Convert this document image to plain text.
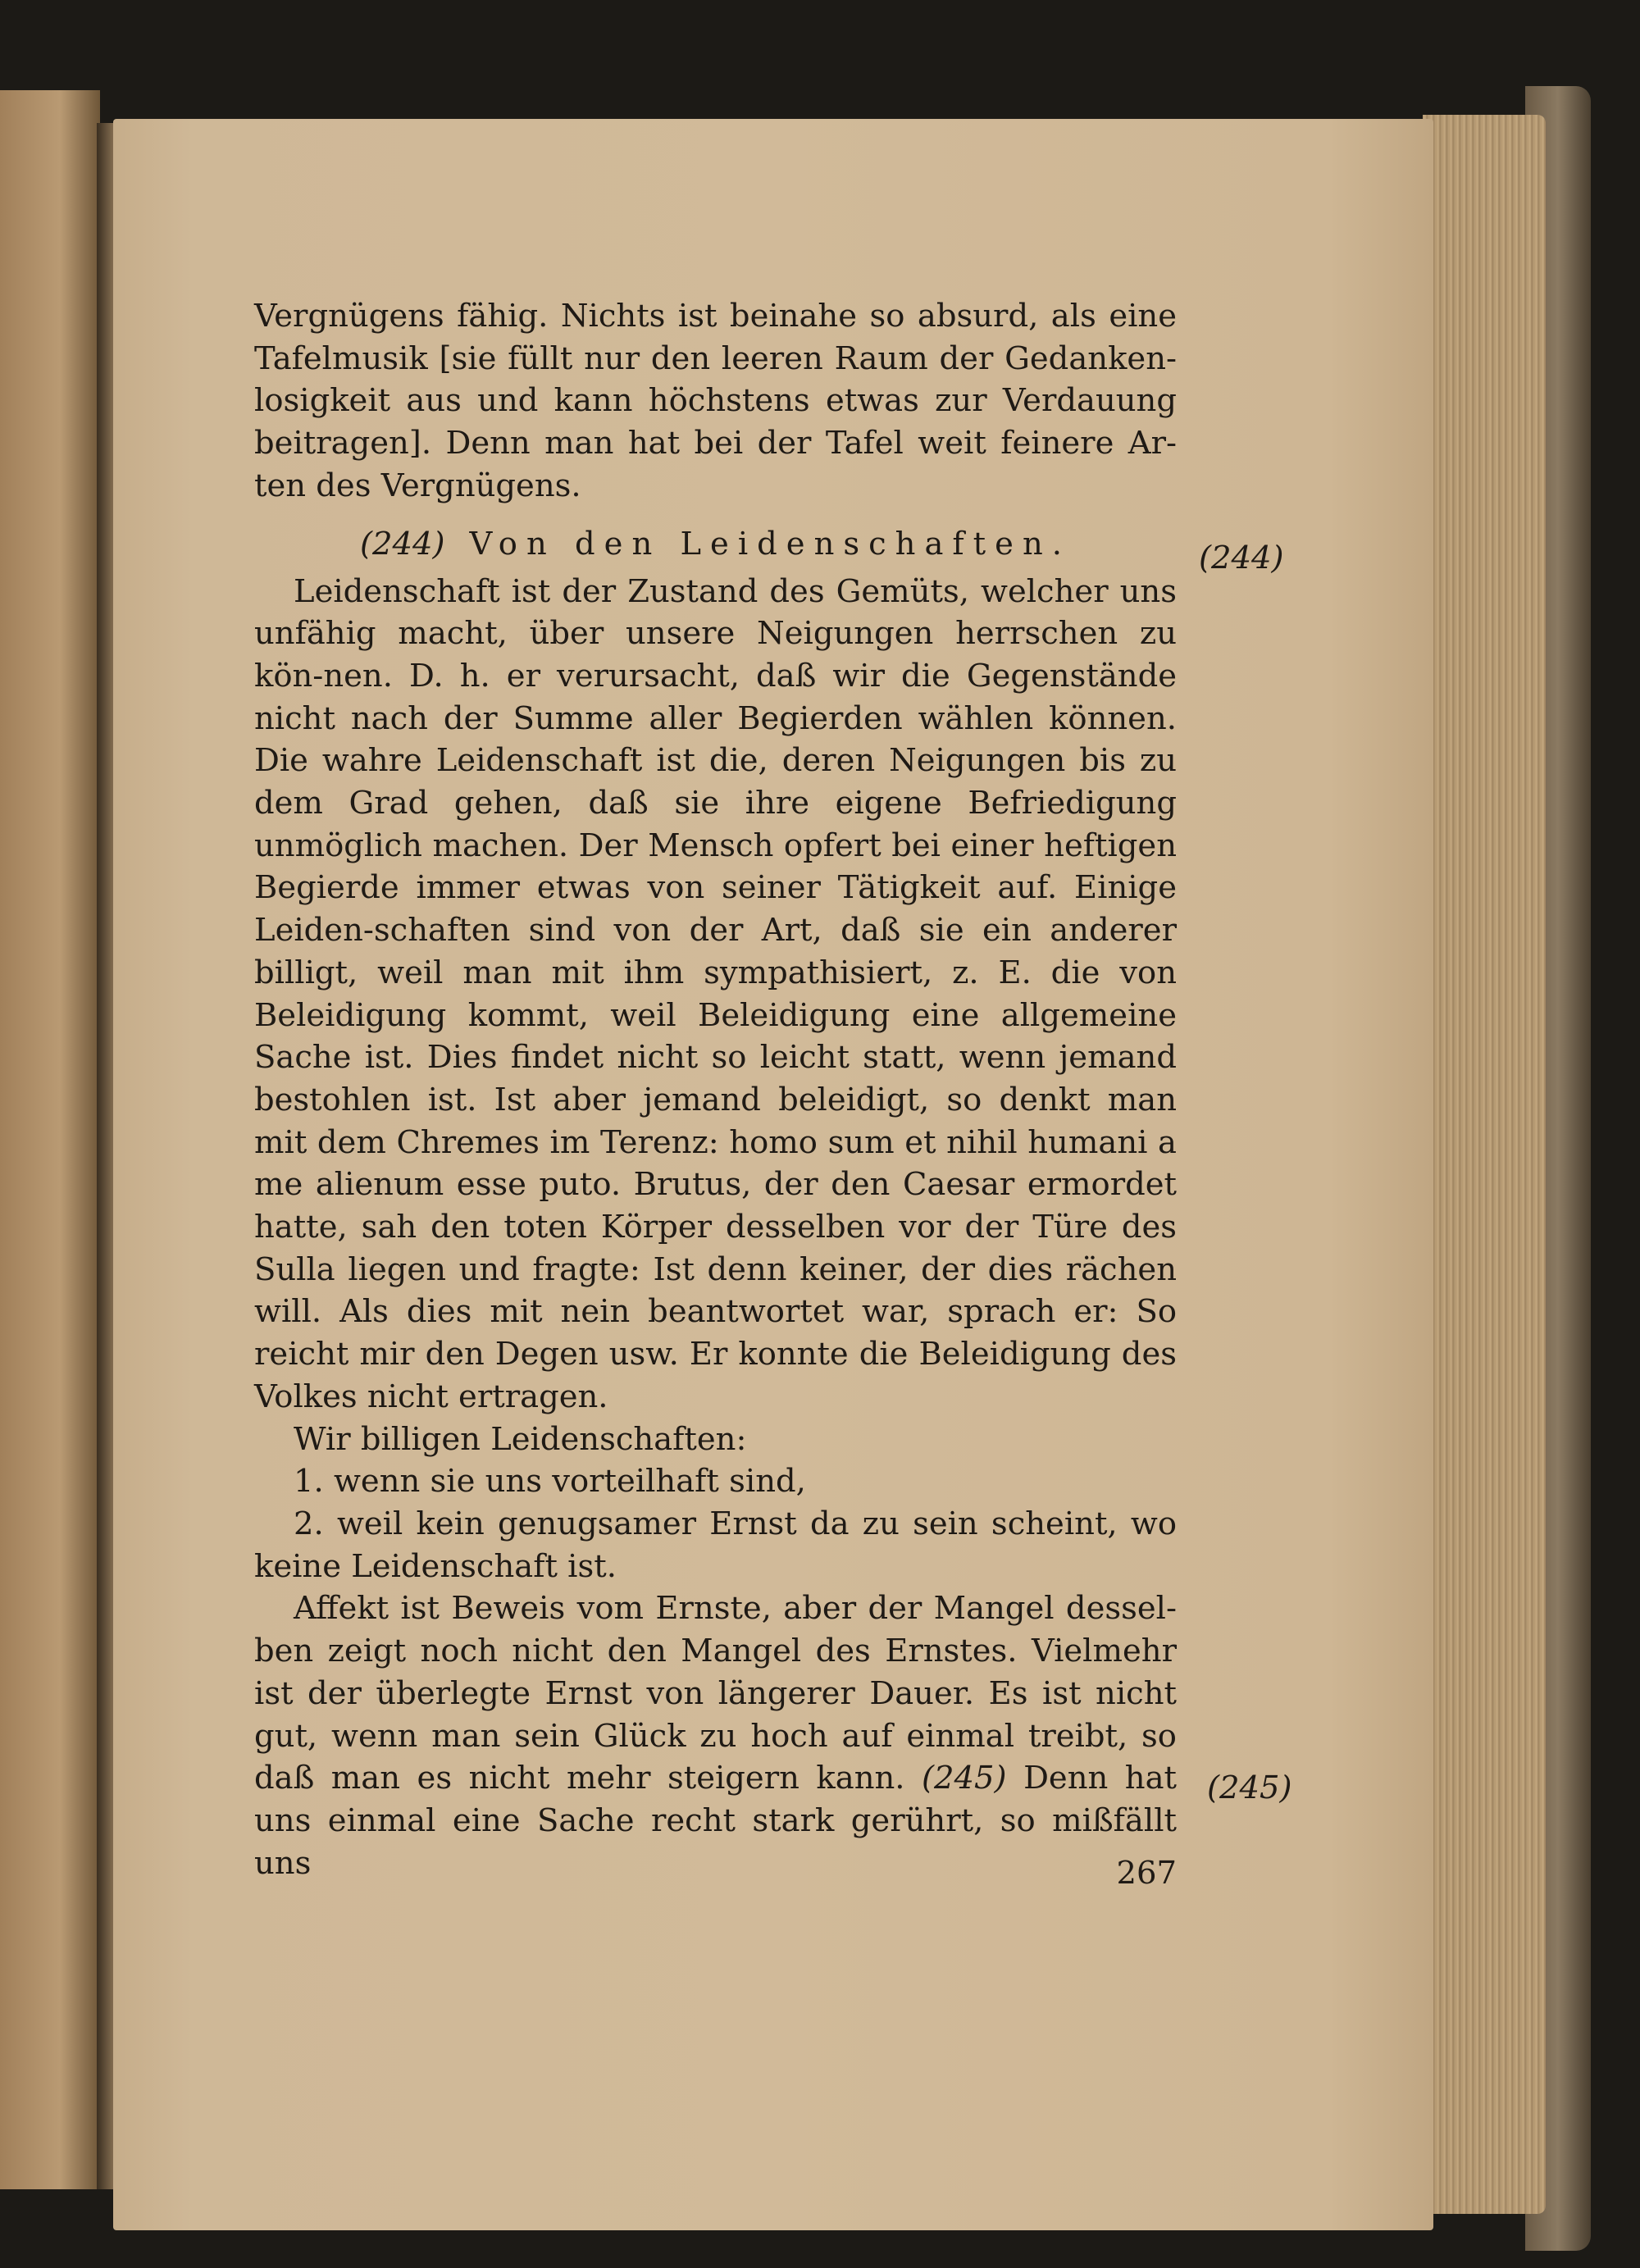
Vergnügens fähig. Nichts ist beinahe so absurd, als eine Tafelmusik [sie füllt nur den leeren Raum der Gedanken-losigkeit aus und kann höchstens etwas zur Verdauung beitragen]. Denn man hat bei der Tafel weit feinere Ar-ten des Vergnügens.

(244) Von den Leidenschaften.

Leidenschaft ist der Zustand des Gemüts, welcher uns unfähig macht, über unsere Neigungen herrschen zu kön-nen. D. h. er verursacht, daß wir die Gegenstände nicht nach der Summe aller Begierden wählen können. Die wahre Leidenschaft ist die, deren Neigungen bis zu dem Grad gehen, daß sie ihre eigene Befriedigung unmöglich machen. Der Mensch opfert bei einer heftigen Begierde immer etwas von seiner Tätigkeit auf. Einige Leiden-schaften sind von der Art, daß sie ein anderer billigt, weil man mit ihm sympathisiert, z. E. die von Beleidigung kommt, weil Beleidigung eine allgemeine Sache ist. Dies findet nicht so leicht statt, wenn jemand bestohlen ist. Ist aber jemand beleidigt, so denkt man mit dem Chremes im Terenz: homo sum et nihil humani a me alienum esse puto. Brutus, der den Caesar ermordet hatte, sah den toten Körper desselben vor der Türe des Sulla liegen und fragte: Ist denn keiner, der dies rächen will. Als dies mit nein beantwortet war, sprach er: So reicht mir den Degen usw. Er konnte die Beleidigung des Volkes nicht ertragen.

Wir billigen Leidenschaften:

1. wenn sie uns vorteilhaft sind,

2. weil kein genugsamer Ernst da zu sein scheint, wo keine Leidenschaft ist.

Affekt ist Beweis vom Ernste, aber der Mangel dessel-ben zeigt noch nicht den Mangel des Ernstes. Vielmehr ist der überlegte Ernst von längerer Dauer. Es ist nicht gut, wenn man sein Glück zu hoch auf einmal treibt, so daß man es nicht mehr steigern kann. (245) Denn hat uns einmal eine Sache recht stark gerührt, so mißfällt uns

(244)
(245)
267
